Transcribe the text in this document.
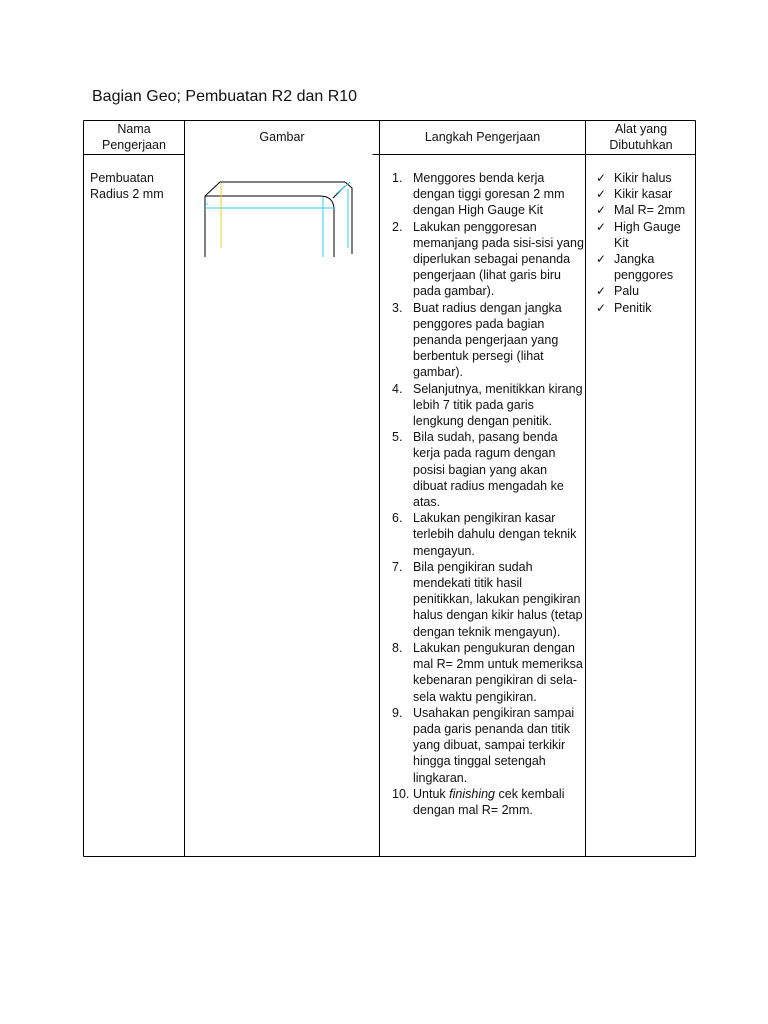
Bagian Geo; Pembuatan R2 dan R10
Nama Pengerjaan
Gambar	Langkah Pengerjaan
Alat yang Dibutuhkan
Pembuatan Radius 2 mm
1. Menggores benda kerja dengan tiggi goresan 2 mm dengan High Gauge Kit
2. Lakukan penggoresan memanjang pada sisi-sisi yang diperlukan sebagai penanda pengerjaan (lihat garis biru pada gambar).
3. Buat radius dengan jangka penggores pada bagian penanda pengerjaan yang berbentuk persegi (lihat gambar).
4. Selanjutnya, menitikkan kirang lebih 7 titik pada garis lengkung dengan penitik.
5. Bila sudah, pasang benda kerja pada ragum dengan posisi bagian yang akan dibuat radius mengadah ke atas.
6. Lakukan pengikiran kasar terlebih dahulu dengan teknik mengayun.
7. Bila pengikiran sudah mendekati titik hasil penitikkan, lakukan pengikiran halus dengan kikir halus (tetap dengan teknik mengayun).
8. Lakukan pengukuran dengan mal R= 2mm untuk memeriksa kebenaran pengikiran di sela-sela waktu pengikiran.
9. Usahakan pengikiran sampai pada garis penanda dan titik yang dibuat, sampai terkikir hingga tinggal setengah lingkaran.
10. Untuk finishing cek kembali dengan mal R= 2mm.
✓ Kikir halus
✓ Kikir kasar
✓ Mal R= 2mm
✓ High Gauge Kit
✓ Jangka penggores
✓ Palu
✓ Penitik
